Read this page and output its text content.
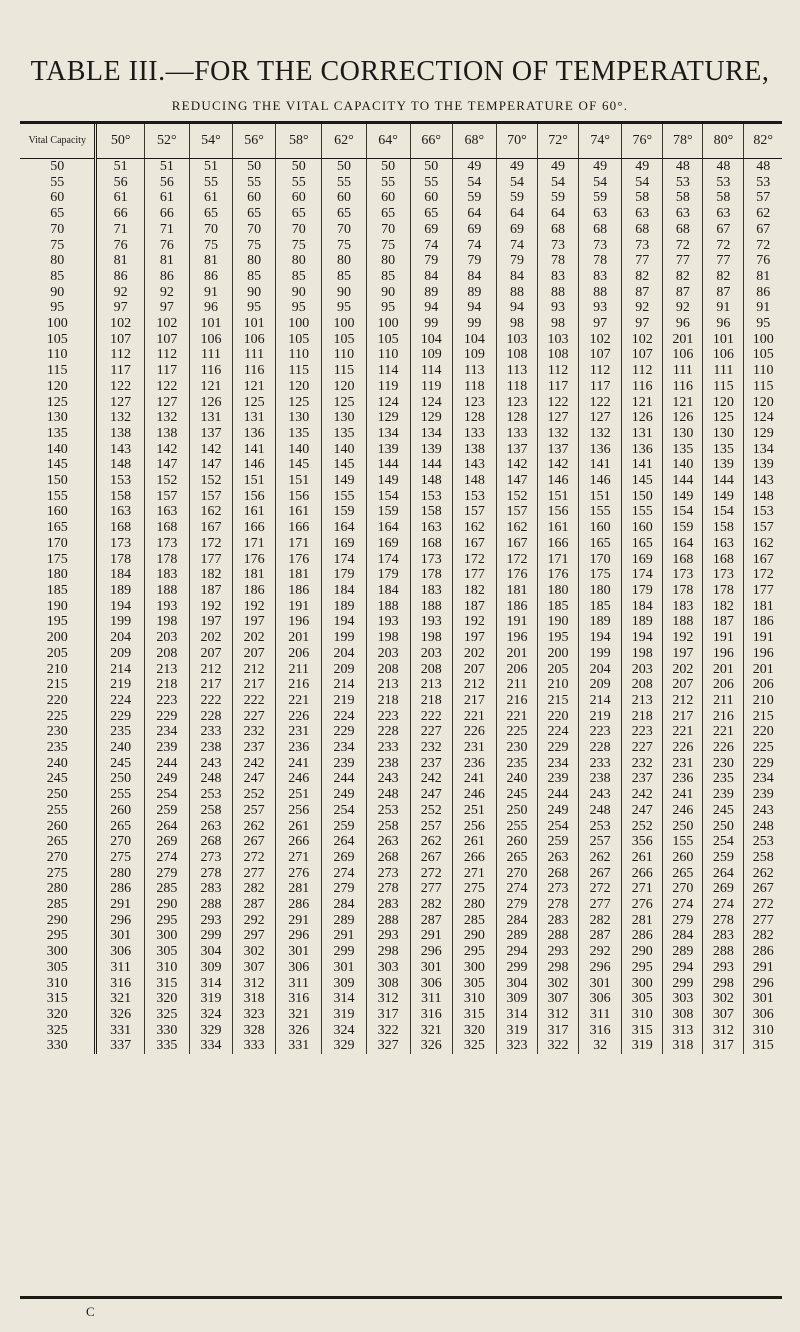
TABLE III.—FOR THE CORRECTION OF TEMPERATURE,
REDUCING THE VITAL CAPACITY TO THE TEMPERATURE OF 60°.
Vital Capacity	50°	52°	54°	56°	58°	62°	64°	66°	68°	70°	72°	74°	76°	78°	80°	82°
50	51	51	51	50	50	50	50	50	49	49	49	49	49	48	48	48
55	56	56	55	55	55	55	55	55	54	54	54	54	54	53	53	53
60	61	61	61	60	60	60	60	60	59	59	59	59	58	58	58	57
65	66	66	65	65	65	65	65	65	64	64	64	63	63	63	63	62
70	71	71	70	70	70	70	70	69	69	69	68	68	68	68	67	67
75	76	76	75	75	75	75	75	74	74	74	73	73	73	72	72	72
80	81	81	81	80	80	80	80	79	79	79	78	78	77	77	77	76
85	86	86	86	85	85	85	85	84	84	84	83	83	82	82	82	81
90	92	92	91	90	90	90	90	89	89	88	88	88	87	87	87	86
95	97	97	96	95	95	95	95	94	94	94	93	93	92	92	91	91
100	102	102	101	101	100	100	100	99	99	98	98	97	97	96	96	95
105	107	107	106	106	105	105	105	104	104	103	103	102	102	201	101	100
110	112	112	111	111	110	110	110	109	109	108	108	107	107	106	106	105
115	117	117	116	116	115	115	114	114	113	113	112	112	112	111	111	110
120	122	122	121	121	120	120	119	119	118	118	117	117	116	116	115	115
125	127	127	126	125	125	125	124	124	123	123	122	122	121	121	120	120
130	132	132	131	131	130	130	129	129	128	128	127	127	126	126	125	124
135	138	138	137	136	135	135	134	134	133	133	132	132	131	130	130	129
140	143	142	142	141	140	140	139	139	138	137	137	136	136	135	135	134
145	148	147	147	146	145	145	144	144	143	142	142	141	141	140	139	139
150	153	152	152	151	151	149	149	148	148	147	146	146	145	144	144	143
155	158	157	157	156	156	155	154	153	153	152	151	151	150	149	149	148
160	163	163	162	161	161	159	159	158	157	157	156	155	155	154	154	153
165	168	168	167	166	166	164	164	163	162	162	161	160	160	159	158	157
170	173	173	172	171	171	169	169	168	167	167	166	165	165	164	163	162
175	178	178	177	176	176	174	174	173	172	172	171	170	169	168	168	167
180	184	183	182	181	181	179	179	178	177	176	176	175	174	173	173	172
185	189	188	187	186	186	184	184	183	182	181	180	180	179	178	178	177
190	194	193	192	192	191	189	188	188	187	186	185	185	184	183	182	181
195	199	198	197	197	196	194	193	193	192	191	190	189	189	188	187	186
200	204	203	202	202	201	199	198	198	197	196	195	194	194	192	191	191
205	209	208	207	207	206	204	203	203	202	201	200	199	198	197	196	196
210	214	213	212	212	211	209	208	208	207	206	205	204	203	202	201	201
215	219	218	217	217	216	214	213	213	212	211	210	209	208	207	206	206
220	224	223	222	222	221	219	218	218	217	216	215	214	213	212	211	210
225	229	229	228	227	226	224	223	222	221	221	220	219	218	217	216	215
230	235	234	233	232	231	229	228	227	226	225	224	223	223	221	221	220
235	240	239	238	237	236	234	233	232	231	230	229	228	227	226	226	225
240	245	244	243	242	241	239	238	237	236	235	234	233	232	231	230	229
245	250	249	248	247	246	244	243	242	241	240	239	238	237	236	235	234
250	255	254	253	252	251	249	248	247	246	245	244	243	242	241	239	239
255	260	259	258	257	256	254	253	252	251	250	249	248	247	246	245	243
260	265	264	263	262	261	259	258	257	256	255	254	253	252	250	250	248
265	270	269	268	267	266	264	263	262	261	260	259	257	356	155	254	253
270	275	274	273	272	271	269	268	267	266	265	263	262	261	260	259	258
275	280	279	278	277	276	274	273	272	271	270	268	267	266	265	264	262
280	286	285	283	282	281	279	278	277	275	274	273	272	271	270	269	267
285	291	290	288	287	286	284	283	282	280	279	278	277	276	274	274	272
290	296	295	293	292	291	289	288	287	285	284	283	282	281	279	278	277
295	301	300	299	297	296	291	293	291	290	289	288	287	286	284	283	282
300	306	305	304	302	301	299	298	296	295	294	293	292	290	289	288	286
305	311	310	309	307	306	301	303	301	300	299	298	296	295	294	293	291
310	316	315	314	312	311	309	308	306	305	304	302	301	300	299	298	296
315	321	320	319	318	316	314	312	311	310	309	307	306	305	303	302	301
320	326	325	324	323	321	319	317	316	315	314	312	311	310	308	307	306
325	331	330	329	328	326	324	322	321	320	319	317	316	315	313	312	310
330	337	335	334	333	331	329	327	326	325	323	322	32	319	318	317	315
C
